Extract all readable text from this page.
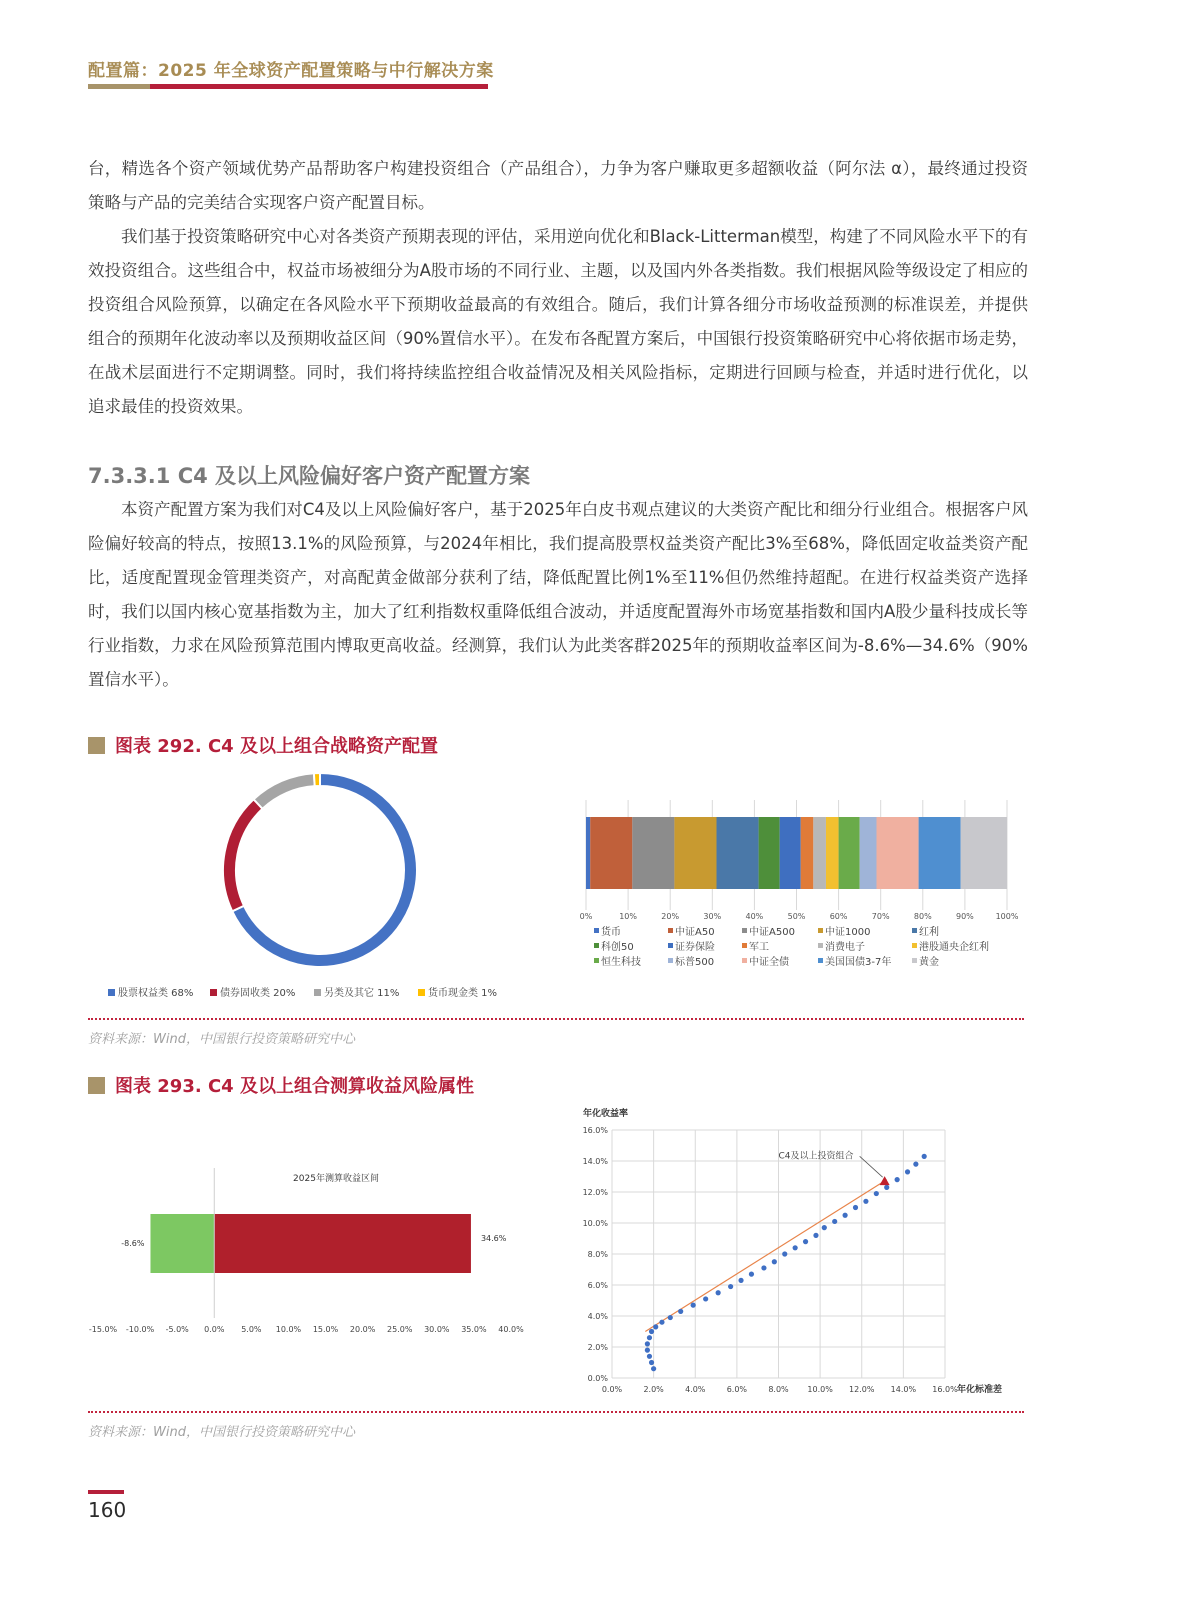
配置篇：2025 年全球资产配置策略与中行解决方案

台，精选各个资产领域优势产品帮助客户构建投资组合（产品组合），力争为客户赚取更多超额收益（阿尔法 α），最终通过投资策略与产品的完美结合实现客户资产配置目标。

我们基于投资策略研究中心对各类资产预期表现的评估，采用逆向优化和Black-Litterman模型，构建了不同风险水平下的有效投资组合。这些组合中，权益市场被细分为A股市场的不同行业、主题，以及国内外各类指数。我们根据风险等级设定了相应的投资组合风险预算，以确定在各风险水平下预期收益最高的有效组合。随后，我们计算各细分市场收益预测的标准误差，并提供组合的预期年化波动率以及预期收益区间（90%置信水平）。在发布各配置方案后，中国银行投资策略研究中心将依据市场走势，在战术层面进行不定期调整。同时，我们将持续监控组合收益情况及相关风险指标，定期进行回顾与检查，并适时进行优化，以追求最佳的投资效果。

7.3.3.1 C4 及以上风险偏好客户资产配置方案

本资产配置方案为我们对C4及以上风险偏好客户，基于2025年白皮书观点建议的大类资产配比和细分行业组合。根据客户风险偏好较高的特点，按照13.1%的风险预算，与2024年相比，我们提高股票权益类资产配比3%至68%，降低固定收益类资产配比，适度配置现金管理类资产，对高配黄金做部分获利了结，降低配置比例1%至11%但仍然维持超配。在进行权益类资产选择时，我们以国内核心宽基指数为主，加大了红利指数权重降低组合波动，并适度配置海外市场宽基指数和国内A股少量科技成长等行业指数，力求在风险预算范围内博取更高收益。经测算，我们认为此类客群2025年的预期收益率区间为-8.6%—34.6%（90%置信水平）。

图表 292. C4 及以上组合战略资产配置
股票权益类 68%	债券固收类 20%	另类及其它 11%	货币现金类 1%
0%	10%	20%	30%	40%	50%	60%	70%	80%	90%	100%
货币	中证A50	中证A500	中证1000	红利
科创50	证券保险	军工	消费电子	港股通央企红利
恒生科技	标普500	中证全债	美国国债3-7年	黄金
资料来源：Wind，中国银行投资策略研究中心
图表 293. C4 及以上组合测算收益风险属性
2025年测算收益区间
-8.6%
34.6%
-15.0% -10.0% -5.0% 0.0% 5.0% 10.0% 15.0% 20.0% 25.0% 30.0% 35.0% 40.0%
年化收益率
0.0%
2.0%
4.0%
6.0%
8.0%
10.0%
12.0%
14.0%
16.0%
0.0%	2.0%	4.0%	6.0%	8.0% 10.0% 12.0% 14.0% 16.0% 年化标准差
C4及以上投资组合
资料来源：Wind，中国银行投资策略研究中心
160
